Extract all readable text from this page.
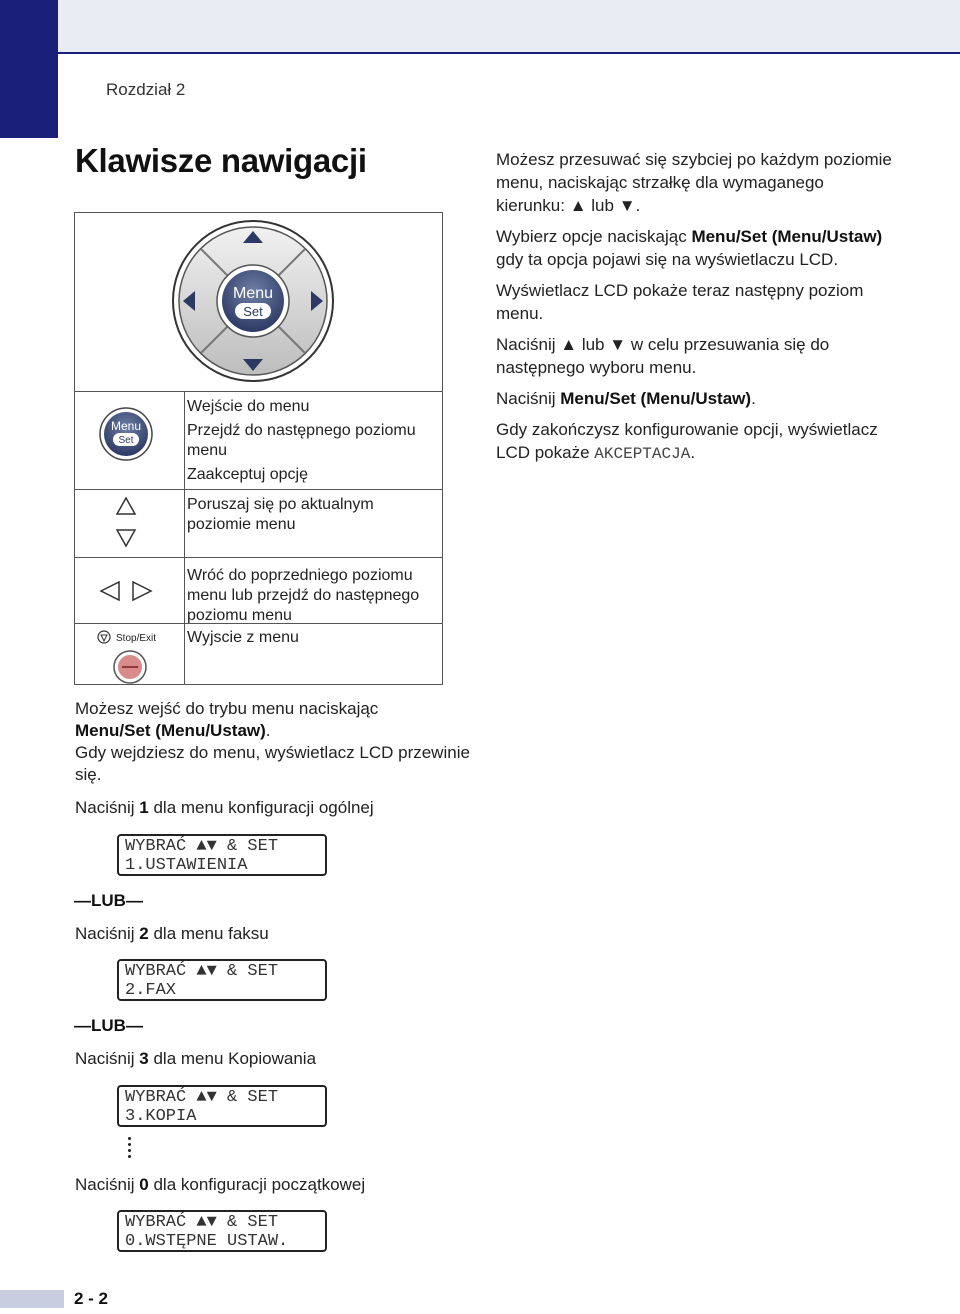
Rozdział 2
Klawisze nawigacji
Menu
Set
Menu
Set

Wejście do menu

Przejdź do następnego poziomu menu

Zaakceptuj opcję

Poruszaj się po aktualnym poziomie menu
Wróć do poprzedniego poziomu menu lub przejdź do następnego poziomu menu
Stop/Exit Wyjscie z menu

Możesz przesuwać się szybciej po każdym poziomie menu, naciskając strzałkę dla wymaganego kierunku: ▲ lub ▼.

Wybierz opcje naciskając Menu/Set (Menu/Ustaw) gdy ta opcja pojawi się na wyświetlaczu LCD.

Wyświetlacz LCD pokaże teraz następny poziom menu.

Naciśnij ▲ lub ▼ w celu przesuwania się do następnego wyboru menu.

Naciśnij Menu/Set (Menu/Ustaw).

Gdy zakończysz konfigurowanie opcji, wyświetlacz LCD pokaże AKCEPTACJA.

Możesz wejść do trybu menu naciskając
Menu/Set (Menu/Ustaw).

Gdy wejdziesz do menu, wyświetlacz LCD przewinie się.

Naciśnij 1 dla menu konfiguracji ogólnej
WYBRAĆ ▲▼ & SET
1.USTAWIENIA
—LUB—
Naciśnij 2 dla menu faksu
WYBRAĆ ▲▼ & SET
2.FAX
—LUB—
Naciśnij 3 dla menu Kopiowania
WYBRAĆ ▲▼ & SET
3.KOPIA
Naciśnij 0 dla konfiguracji początkowej
WYBRAĆ ▲▼ & SET
0.WSTĘPNE USTAW.
2 - 2
